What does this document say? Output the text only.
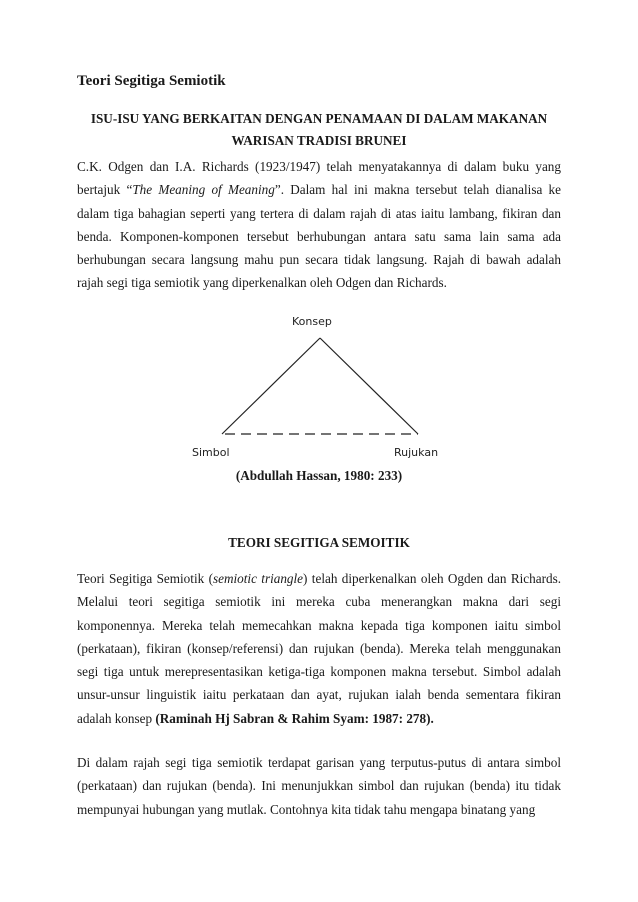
Teori Segitiga Semiotik

ISU-ISU YANG BERKAITAN DENGAN PENAMAAN DI DALAM MAKANAN WARISAN TRADISI BRUNEI

C.K. Odgen dan I.A. Richards (1923/1947) telah menyatakannya di dalam buku yang bertajuk “The Meaning of Meaning”. Dalam hal ini makna tersebut telah dianalisa ke dalam tiga bahagian seperti yang tertera di dalam rajah di atas iaitu lambang, fikiran dan benda. Komponen-komponen tersebut berhubungan antara satu sama lain sama ada berhubungan secara langsung mahu pun secara tidak langsung. Rajah di bawah adalah rajah segi tiga semiotik yang diperkenalkan oleh Odgen dan Richards.

Konsep
Simbol	Rujukan

(Abdullah Hassan, 1980: 233)

TEORI SEGITIGA SEMOITIK

Teori Segitiga Semiotik (semiotic triangle) telah diperkenalkan oleh Ogden dan Richards. Melalui teori segitiga semiotik ini mereka cuba menerangkan makna dari segi komponennya. Mereka telah memecahkan makna kepada tiga komponen iaitu simbol (perkataan), fikiran (konsep/referensi) dan rujukan (benda). Mereka telah menggunakan segi tiga untuk merepresentasikan ketiga-tiga komponen makna tersebut. Simbol adalah unsur-unsur linguistik iaitu perkataan dan ayat, rujukan ialah benda sementara fikiran adalah konsep (Raminah Hj Sabran & Rahim Syam: 1987: 278).

Di dalam rajah segi tiga semiotik terdapat garisan yang terputus-putus di antara simbol (perkataan) dan rujukan (benda). Ini menunjukkan simbol dan rujukan (benda) itu tidak mempunyai hubungan yang mutlak. Contohnya kita tidak tahu mengapa binatang yang
